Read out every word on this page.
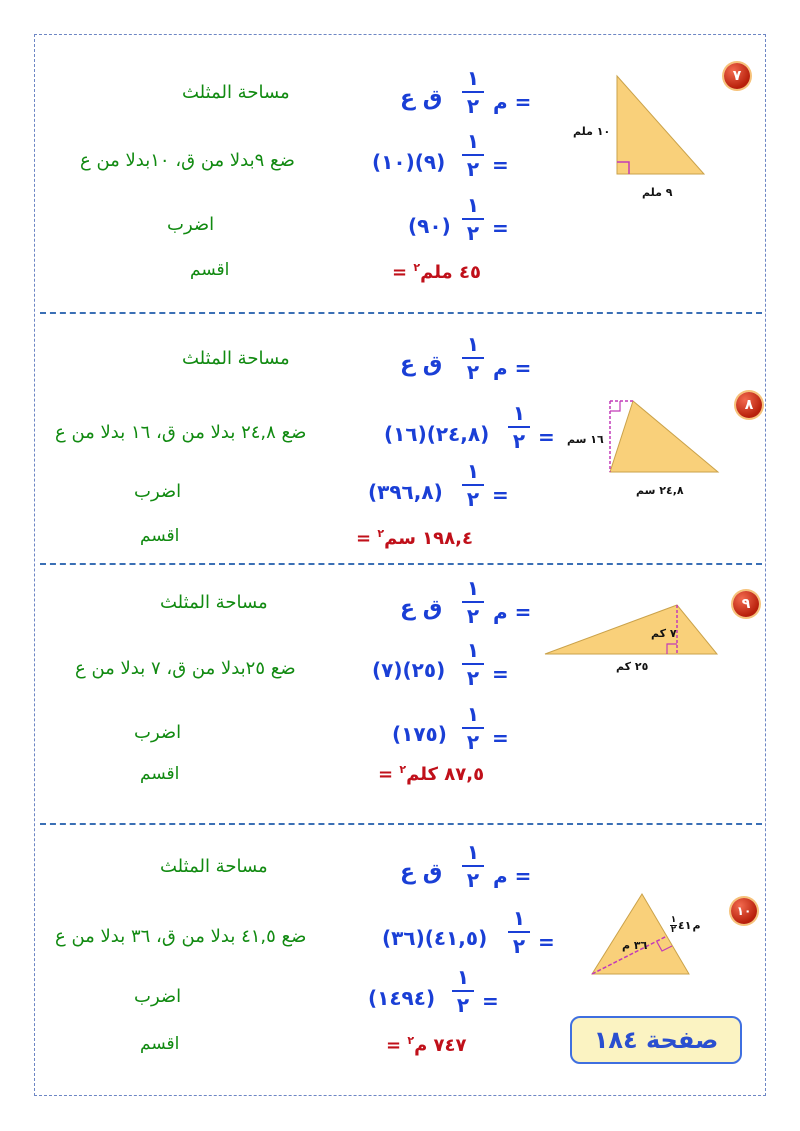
٧
١٠ ملم
٩ ملم
م =
١
٢
ق ع
مساحة المثلث
=
١
٢
(١٠)(٩)
ضع ٩بدلا من ق، ١٠بدلا من ع
=
١
٢
(٩٠)
اضرب
= ٤٥ ملم$^٢$
اقسم
٨
١٦ سم
٢٤,٨ سم
م =
١
٢
ق ع
مساحة المثلث
=
١
٢
(١٦)(٢٤,٨)
ضع ٢٤,٨ بدلا من ق، ١٦ بدلا من ع
=
١
٢
(٣٩٦,٨)
اضرب
= ١٩٨,٤ سم$^٢$
اقسم
٩
٧ كم
٢٥ كم
م =
١
٢
ق ع
مساحة المثلث
=
١
٢
(٧)(٢٥)
ضع ٢٥بدلا من ق، ٧ بدلا من ع
=
١
٢
(١٧٥)
اضرب
= ٨٧,٥ كلم$^٢$
اقسم
١٠
٣٦ م
١
٢ ٤١ م
م =
١
٢
ق ع
مساحة المثلث
=
١
٢
(٣٦)(٤١,٥)
ضع ٤١,٥ بدلا من ق، ٣٦ بدلا من ع
=
١
٢
(١٤٩٤)
اضرب
= ٧٤٧ م$^٢$
اقسم	صفحة ١٨٤
